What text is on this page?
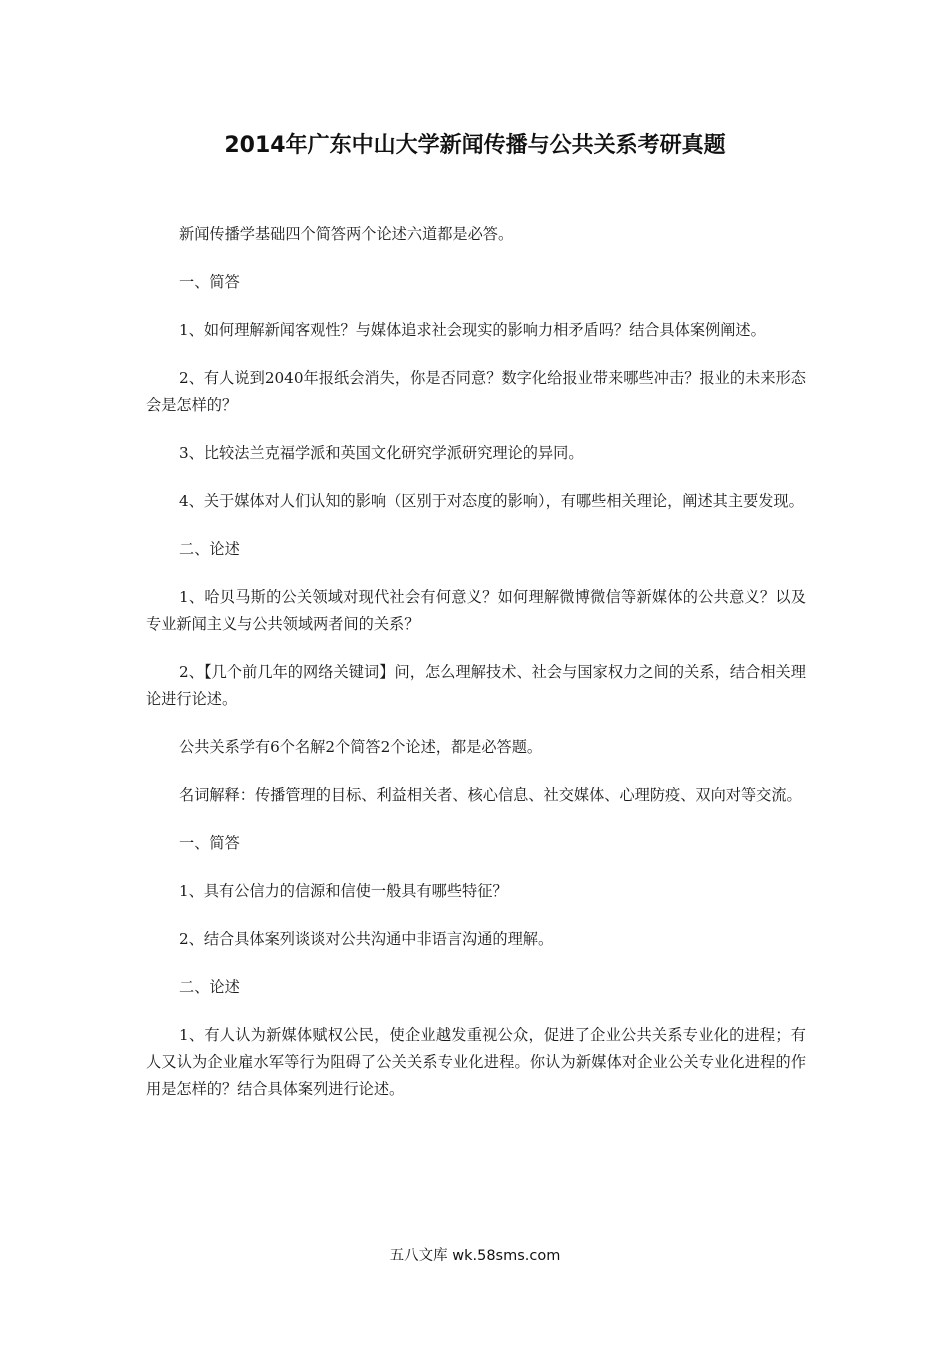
2014年广东中山大学新闻传播与公共关系考研真题

新闻传播学基础四个简答两个论述六道都是必答。

一、简答

1、如何理解新闻客观性？与媒体追求社会现实的影响力相矛盾吗？结合具体案例阐述。

2、有人说到2040年报纸会消失，你是否同意？数字化给报业带来哪些冲击？报业的未来形态会是怎样的？

3、比较法兰克福学派和英国文化研究学派研究理论的异同。

4、关于媒体对人们认知的影响（区别于对态度的影响），有哪些相关理论，阐述其主要发现。

二、论述

1、哈贝马斯的公关领域对现代社会有何意义？如何理解微博微信等新媒体的公共意义？以及专业新闻主义与公共领域两者间的关系？

2、【几个前几年的网络关键词】问，怎么理解技术、社会与国家权力之间的关系，结合相关理论进行论述。

公共关系学有6个名解2个简答2个论述，都是必答题。

名词解释：传播管理的目标、利益相关者、核心信息、社交媒体、心理防疫、双向对等交流。

一、简答

1、具有公信力的信源和信使一般具有哪些特征？

2、结合具体案列谈谈对公共沟通中非语言沟通的理解。

二、论述

1、有人认为新媒体赋权公民，使企业越发重视公众，促进了企业公共关系专业化的进程；有人又认为企业雇水军等行为阻碍了公关关系专业化进程。你认为新媒体对企业公关专业化进程的作用是怎样的？结合具体案列进行论述。

五八文库 wk.58sms.com
